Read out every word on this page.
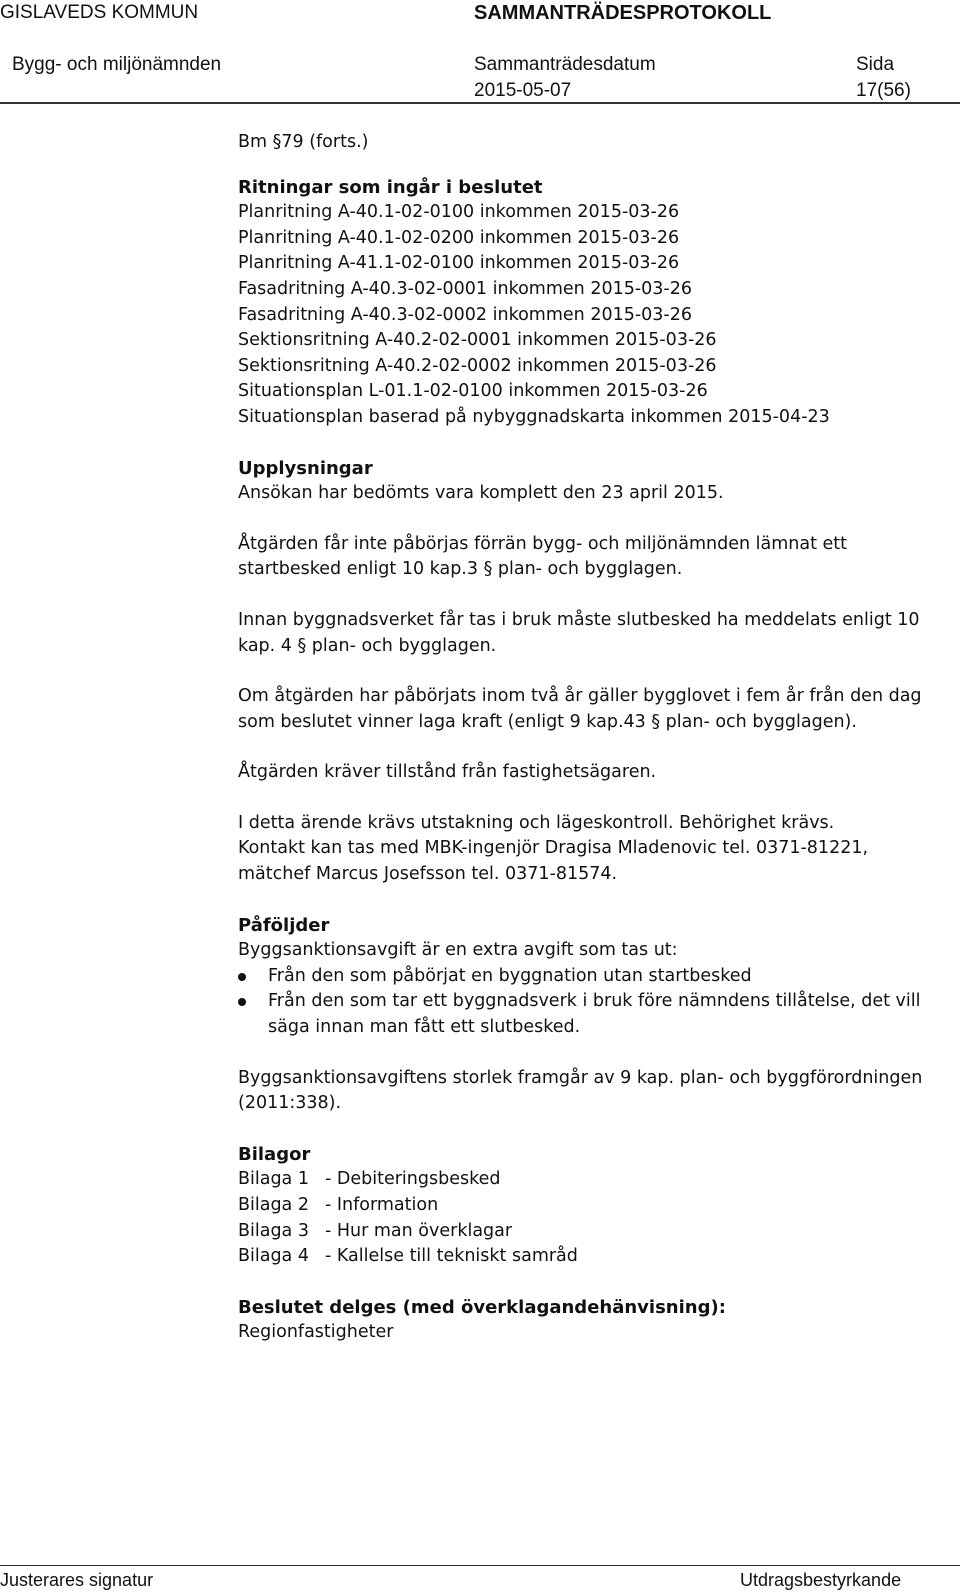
GISLAVEDS KOMMUN	SAMMANTRÄDESPROTOKOLL
Bygg- och miljönämnden	Sammanträdesdatum
2015-05-07
Sida
17(56)

Bm §79 (forts.)

Ritningar som ingår i beslutet

Planritning A-40.1-02-0100 inkommen 2015-03-26

Planritning A-40.1-02-0200 inkommen 2015-03-26

Planritning A-41.1-02-0100 inkommen 2015-03-26

Fasadritning A-40.3-02-0001 inkommen 2015-03-26

Fasadritning A-40.3-02-0002 inkommen 2015-03-26

Sektionsritning A-40.2-02-0001 inkommen 2015-03-26

Sektionsritning A-40.2-02-0002 inkommen 2015-03-26

Situationsplan L-01.1-02-0100 inkommen 2015-03-26

Situationsplan baserad på nybyggnadskarta inkommen 2015-04-23

Upplysningar

Ansökan har bedömts vara komplett den 23 april 2015.

Åtgärden får inte påbörjas förrän bygg- och miljönämnden lämnat ett

startbesked enligt 10 kap.3 § plan- och bygglagen.

Innan byggnadsverket får tas i bruk måste slutbesked ha meddelats enligt 10

kap. 4 § plan- och bygglagen.

Om åtgärden har påbörjats inom två år gäller bygglovet i fem år från den dag

som beslutet vinner laga kraft (enligt 9 kap.43 § plan- och bygglagen).

Åtgärden kräver tillstånd från fastighetsägaren.

I detta ärende krävs utstakning och lägeskontroll. Behörighet krävs.

Kontakt kan tas med MBK-ingenjör Dragisa Mladenovic tel. 0371-81221,

mätchef Marcus Josefsson tel. 0371-81574.

Påföljder

Byggsanktionsavgift är en extra avgift som tas ut:

Från den som påbörjat en byggnation utan startbesked
Från den som tar ett byggnadsverk i bruk före nämndens tillåtelse, det vill
säga innan man fått ett slutbesked.

Byggsanktionsavgiftens storlek framgår av 9 kap. plan- och byggförordningen

(2011:338).

Bilagor

Bilaga 1 - Debiteringsbesked
Bilaga 2 - Information
Bilaga 3 - Hur man överklagar
Bilaga 4 - Kallelse till tekniskt samråd

Beslutet delges (med överklagandehänvisning):

Regionfastigheter

Justerares signatur	Utdragsbestyrkande
